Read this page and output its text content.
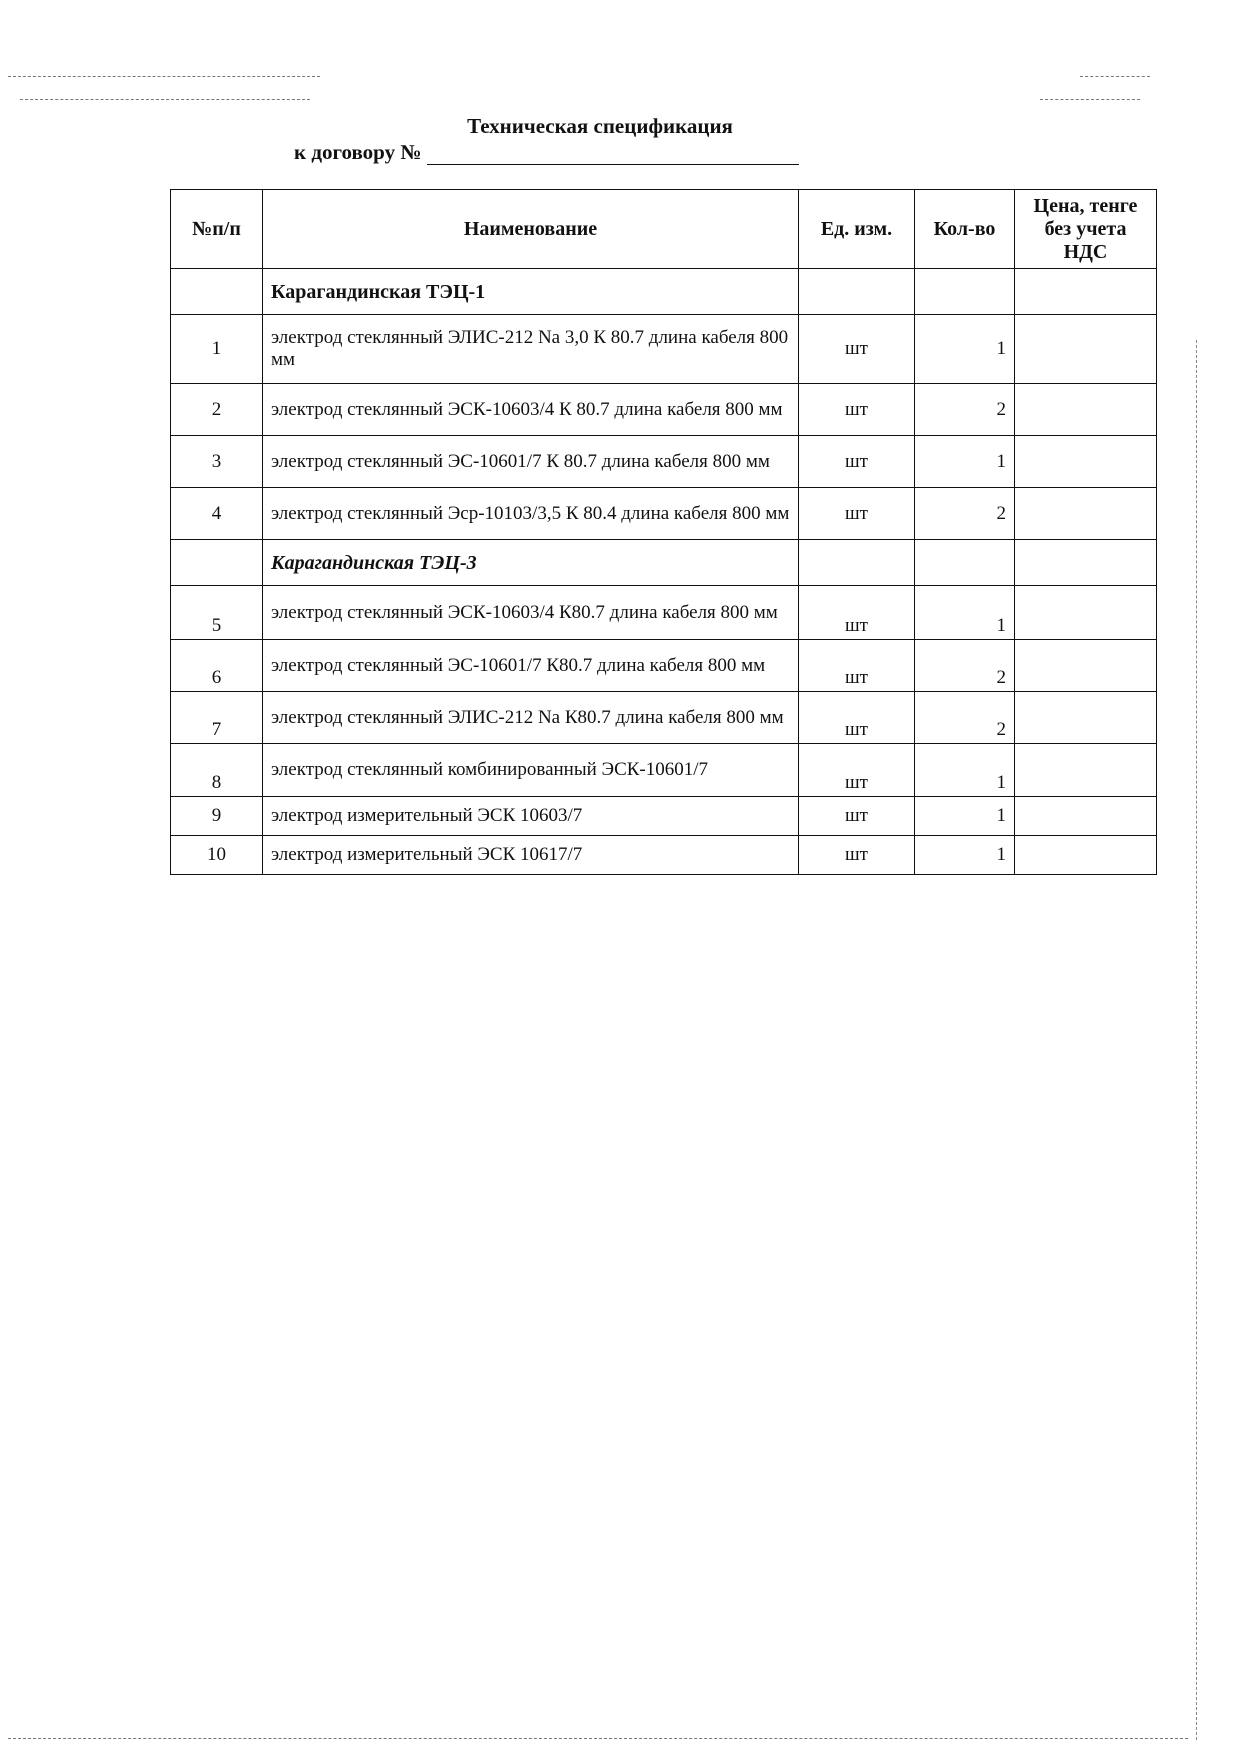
Техническая спецификация
к договору №
№п/п	Наименование	Ед. изм.	Кол-во	Цена, тенге без учета НДС
	Карагандинская ТЭЦ-1			
1	электрод стеклянный ЭЛИС-212 Na 3,0 К 80.7 длина кабеля 800 мм	шт	1	
2	электрод стеклянный ЭСК-10603/4 К 80.7 длина кабеля 800 мм	шт	2	
3	электрод стеклянный ЭС-10601/7 К 80.7 длина кабеля 800 мм	шт	1	
4	электрод стеклянный Эср-10103/3,5 К 80.4 длина кабеля 800 мм	шт	2	
	Карагандинская ТЭЦ-3			
5	электрод стеклянный ЭСК-10603/4 К80.7 длина кабеля 800 мм	шт	1	
6	электрод стеклянный ЭС-10601/7 К80.7 длина кабеля 800 мм	шт	2	
7	электрод стеклянный ЭЛИС-212 Na К80.7 длина кабеля 800 мм	шт	2	
8	электрод стеклянный комбинированный ЭСК-10601/7	шт	1	
9	электрод измерительный ЭСК 10603/7	шт	1	
10	электрод измерительный ЭСК 10617/7	шт	1	
